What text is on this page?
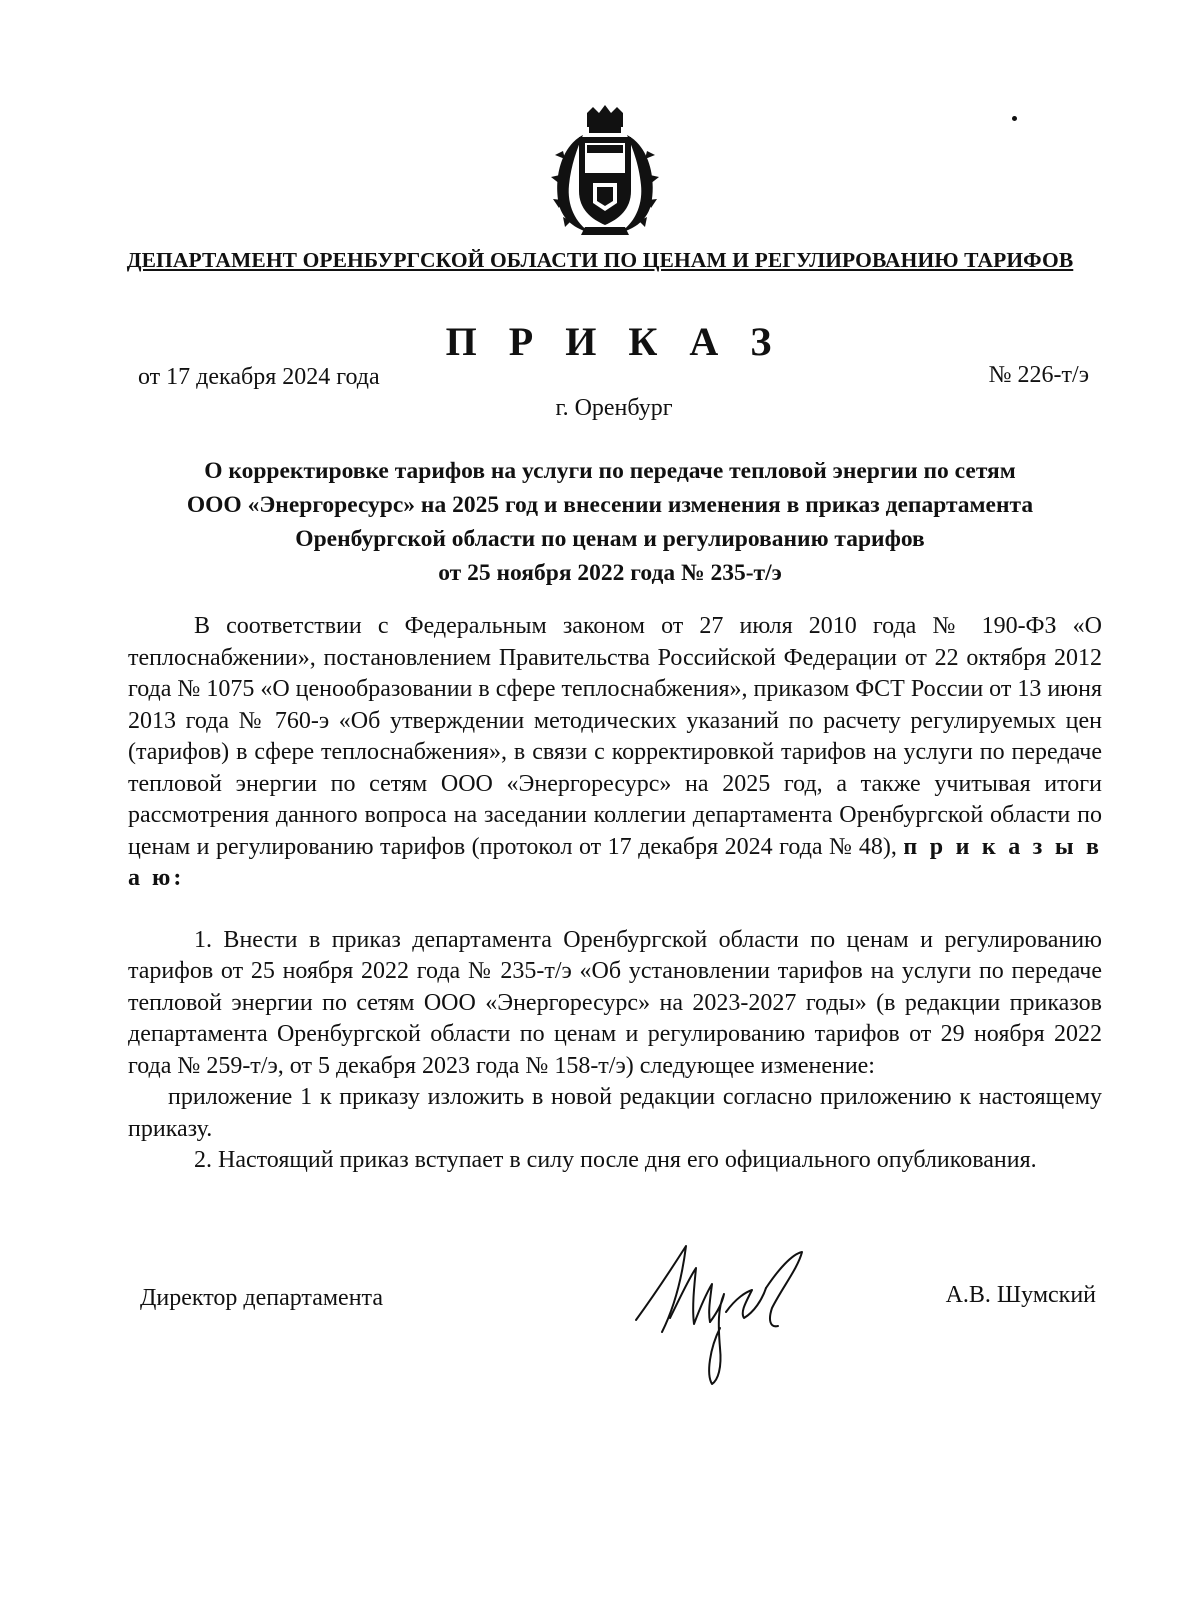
ДЕПАРТАМЕНТ ОРЕНБУРГСКОЙ ОБЛАСТИ ПО ЦЕНАМ И РЕГУЛИРОВАНИЮ ТАРИФОВ
П Р И К А З
от 17 декабря 2024 года	№ 226-т/э
г. Оренбург
О корректировке тарифов на услуги по передаче тепловой энергии по сетям
ООО «Энергоресурс» на 2025 год и внесении изменения в приказ департамента
Оренбургской области по ценам и регулированию тарифов
от 25 ноября 2022 года № 235-т/э

В соответствии с Федеральным законом от 27 июля 2010 года № 190-ФЗ «О теплоснабжении», постановлением Правительства Российской Федерации от 22 октября 2012 года № 1075 «О ценообразовании в сфере теплоснабжения», приказом ФСТ России от 13 июня 2013 года № 760-э «Об утверждении методических указаний по расчету регулируемых цен (тарифов) в сфере теплоснабжения», в связи с корректировкой тарифов на услуги по передаче тепловой энергии по сетям ООО «Энергоресурс» на 2025 год, а также учитывая итоги рассмотрения данного вопроса на заседании коллегии департамента Оренбургской области по ценам и регулированию тарифов (протокол от 17 декабря 2024 года № 48), п р и к а з ы в а ю:

1. Внести в приказ департамента Оренбургской области по ценам и регулированию тарифов от 25 ноября 2022 года № 235-т/э «Об установлении тарифов на услуги по передаче тепловой энергии по сетям ООО «Энергоресурс» на 2023-2027 годы» (в редакции приказов департамента Оренбургской области по ценам и регулированию тарифов от 29 ноября 2022 года № 259-т/э, от 5 декабря 2023 года № 158-т/э) следующее изменение:

приложение 1 к приказу изложить в новой редакции согласно приложению к настоящему приказу.

2. Настоящий приказ вступает в силу после дня его официального опубликования.

Директор департамента	А.В. Шумский
